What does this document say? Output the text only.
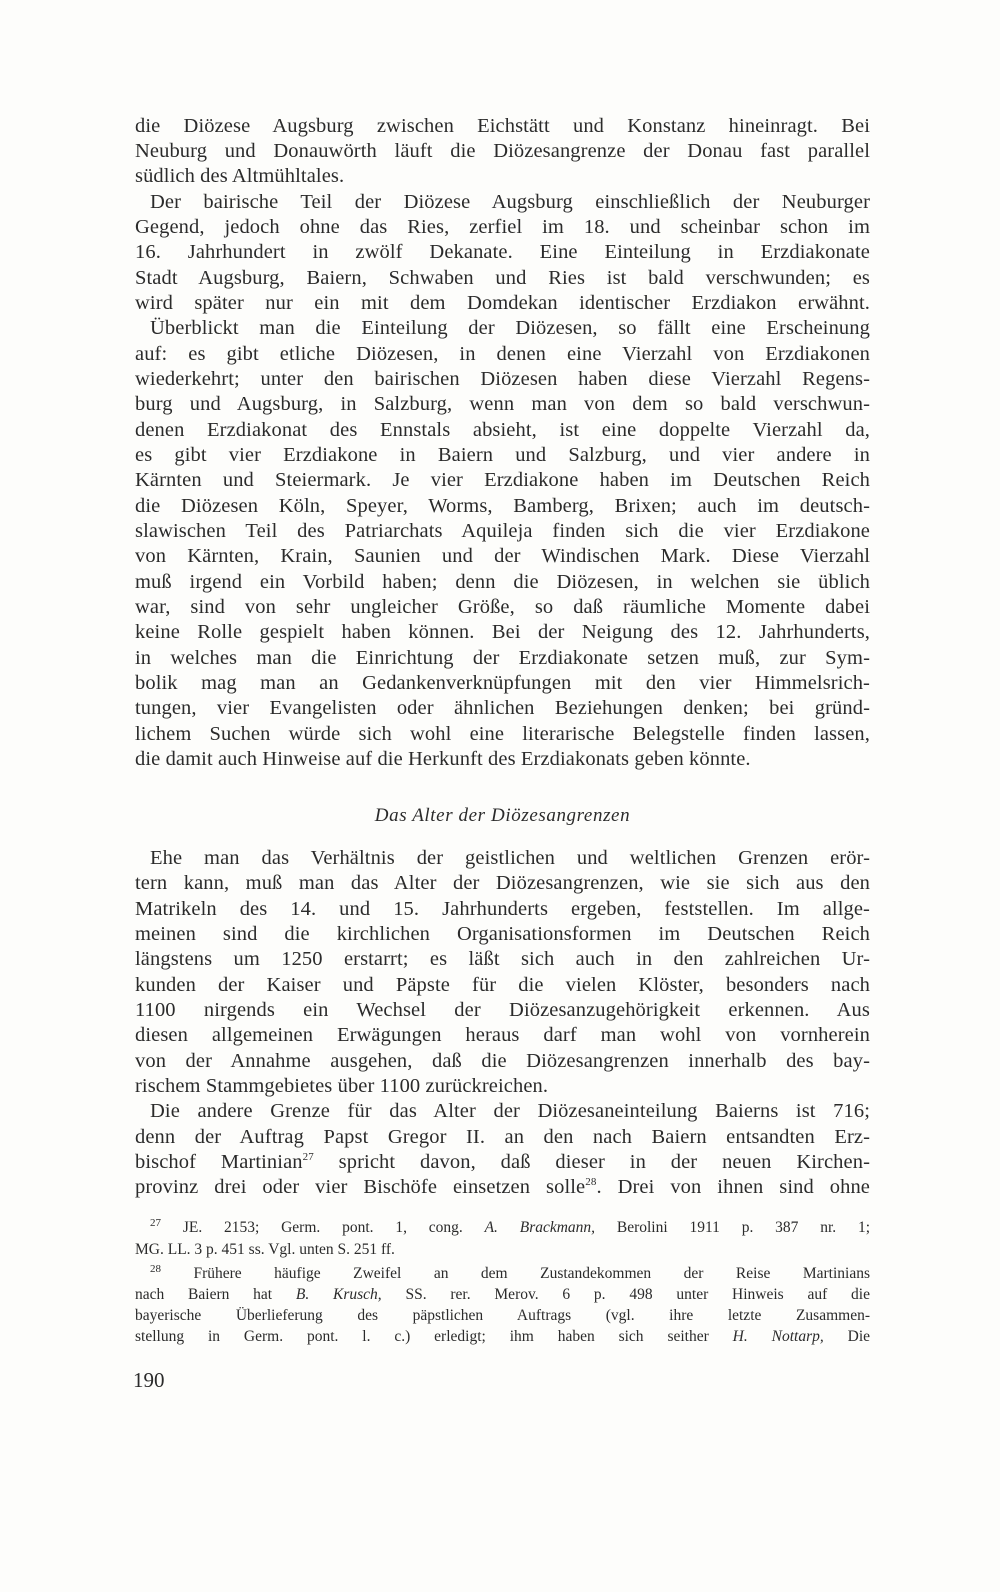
die Diözese Augsburg zwischen Eichstätt und Konstanz hineinragt. Bei
Neuburg und Donauwörth läuft die Diözesangrenze der Donau fast parallel
südlich des Altmühltales.
Der bairische Teil der Diözese Augsburg einschließlich der Neuburger
Gegend, jedoch ohne das Ries, zerfiel im 18. und scheinbar schon im
16. Jahrhundert in zwölf Dekanate. Eine Einteilung in Erzdiakonate
Stadt Augsburg, Baiern, Schwaben und Ries ist bald verschwunden; es
wird später nur ein mit dem Domdekan identischer Erzdiakon erwähnt.
Überblickt man die Einteilung der Diözesen, so fällt eine Erscheinung
auf: es gibt etliche Diözesen, in denen eine Vierzahl von Erzdiakonen
wiederkehrt; unter den bairischen Diözesen haben diese Vierzahl Regens-
burg und Augsburg, in Salzburg, wenn man von dem so bald verschwun-
denen Erzdiakonat des Ennstals absieht, ist eine doppelte Vierzahl da,
es gibt vier Erzdiakone in Baiern und Salzburg, und vier andere in
Kärnten und Steiermark. Je vier Erzdiakone haben im Deutschen Reich
die Diözesen Köln, Speyer, Worms, Bamberg, Brixen; auch im deutsch-
slawischen Teil des Patriarchats Aquileja finden sich die vier Erzdiakone
von Kärnten, Krain, Saunien und der Windischen Mark. Diese Vierzahl
muß irgend ein Vorbild haben; denn die Diözesen, in welchen sie üblich
war, sind von sehr ungleicher Größe, so daß räumliche Momente dabei
keine Rolle gespielt haben können. Bei der Neigung des 12. Jahrhunderts,
in welches man die Einrichtung der Erzdiakonate setzen muß, zur Sym-
bolik mag man an Gedankenverknüpfungen mit den vier Himmelsrich-
tungen, vier Evangelisten oder ähnlichen Beziehungen denken; bei gründ-
lichem Suchen würde sich wohl eine literarische Belegstelle finden lassen,
die damit auch Hinweise auf die Herkunft des Erzdiakonats geben könnte.
Das Alter der Diözesangrenzen
Ehe man das Verhältnis der geistlichen und weltlichen Grenzen erör-
tern kann, muß man das Alter der Diözesangrenzen, wie sie sich aus den
Matrikeln des 14. und 15. Jahrhunderts ergeben, feststellen. Im allge-
meinen sind die kirchlichen Organisationsformen im Deutschen Reich
längstens um 1250 erstarrt; es läßt sich auch in den zahlreichen Ur-
kunden der Kaiser und Päpste für die vielen Klöster, besonders nach
1100 nirgends ein Wechsel der Diözesanzugehörigkeit erkennen. Aus
diesen allgemeinen Erwägungen heraus darf man wohl von vornherein
von der Annahme ausgehen, daß die Diözesangrenzen innerhalb des bay-
rischem Stammgebietes über 1100 zurückreichen.
Die andere Grenze für das Alter der Diözesaneinteilung Baierns ist 716;
denn der Auftrag Papst Gregor II. an den nach Baiern entsandten Erz-
bischof Martinian$^{27}$ spricht davon, daß dieser in der neuen Kirchen-
provinz drei oder vier Bischöfe einsetzen solle$^{28}$. Drei von ihnen sind ohne
$^{27}$ JE. 2153; Germ. pont. 1, cong. A. Brackmann, Berolini 1911 p. 387 nr. 1;
MG. LL. 3 p. 451 ss. Vgl. unten S. 251 ff.
$^{28}$ Frühere häufige Zweifel an dem Zustandekommen der Reise Martinians
nach Baiern hat B. Krusch, SS. rer. Merov. 6 p. 498 unter Hinweis auf die
bayerische Überlieferung des päpstlichen Auftrags (vgl. ihre letzte Zusammen-
stellung in Germ. pont. l. c.) erledigt; ihm haben sich seither H. Nottarp, Die
190
